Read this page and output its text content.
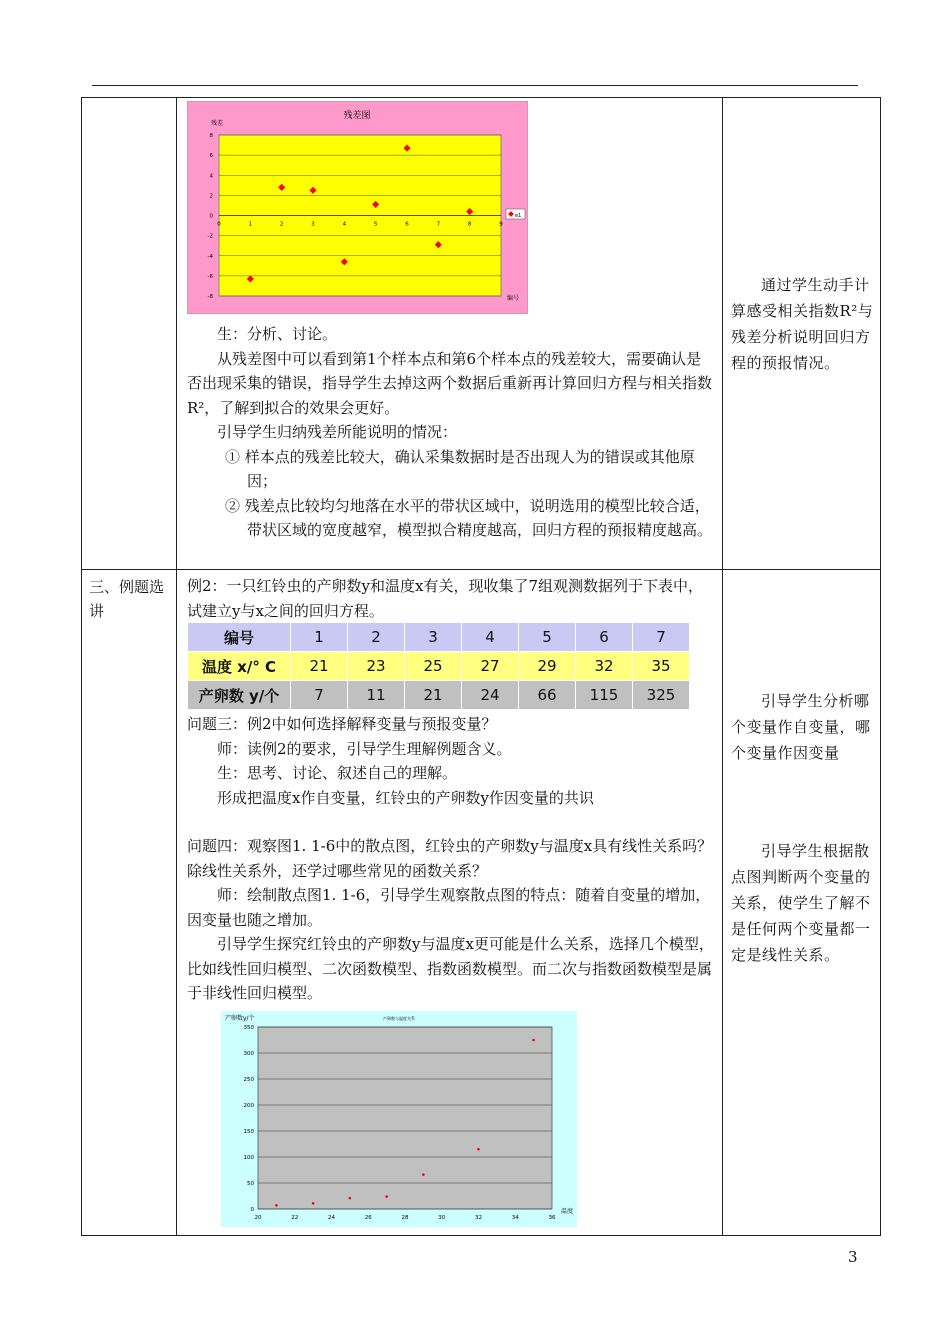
-8
-6
-4
-2
0
2
4
6
8
0	1	2	3	4	5	6	7	8	9
残差图
残差
编号
e1

生：分析、讨论。

从残差图中可以看到第1个样本点和第6个样本点的残差较大，需要确认是否出现采集的错误，指导学生去掉这两个数据后重新再计算回归方程与相关指数R²，了解到拟合的效果会更好。

引导学生归纳残差所能说明的情况：

① 样本点的残差比较大，确认采集数据时是否出现人为的错误或其他原因；

② 残差点比较均匀地落在水平的带状区域中，说明选用的模型比较合适，带状区域的宽度越窄，模型拟合精度越高，回归方程的预报精度越高。

通过学生动手计算感受相关指数R²与残差分析说明回归方程的预报情况。

三、例题选讲

例2：一只红铃虫的产卵数y和温度x有关，现收集了7组观测数据列于下表中，试建立y与x之间的回归方程。

编号	1	2	3	4	5	6	7
温度 x/° C	21	23	25	27	29	32	35
产卵数 y/个	7	11	21	24	66	115	325

问题三：例2中如何选择解释变量与预报变量？

师：读例2的要求，引导学生理解例题含义。

生：思考、讨论、叙述自己的理解。

形成把温度x作自变量，红铃虫的产卵数y作因变量的共识

问题四：观察图1. 1-6中的散点图，红铃虫的产卵数y与温度x具有线性关系吗？除线性关系外，还学过哪些常见的函数关系？

师：绘制散点图1. 1-6，引导学生观察散点图的特点：随着自变量的增加，因变量也随之增加。

引导学生探究红铃虫的产卵数y与温度x更可能是什么关系，选择几个模型，比如线性回归模型、二次函数模型、指数函数模型。而二次与指数函数模型是属于非线性回归模型。

引导学生分析哪个变量作自变量，哪个变量作因变量

引导学生根据散点图判断两个变量的关系，使学生了解不是任何两个变量都一定是线性关系。

0
50
100
150
200
250
300
350
20	22	24	26	28	30	32	34	36
产卵数与温度关系
产卵数y/个
温度
3
